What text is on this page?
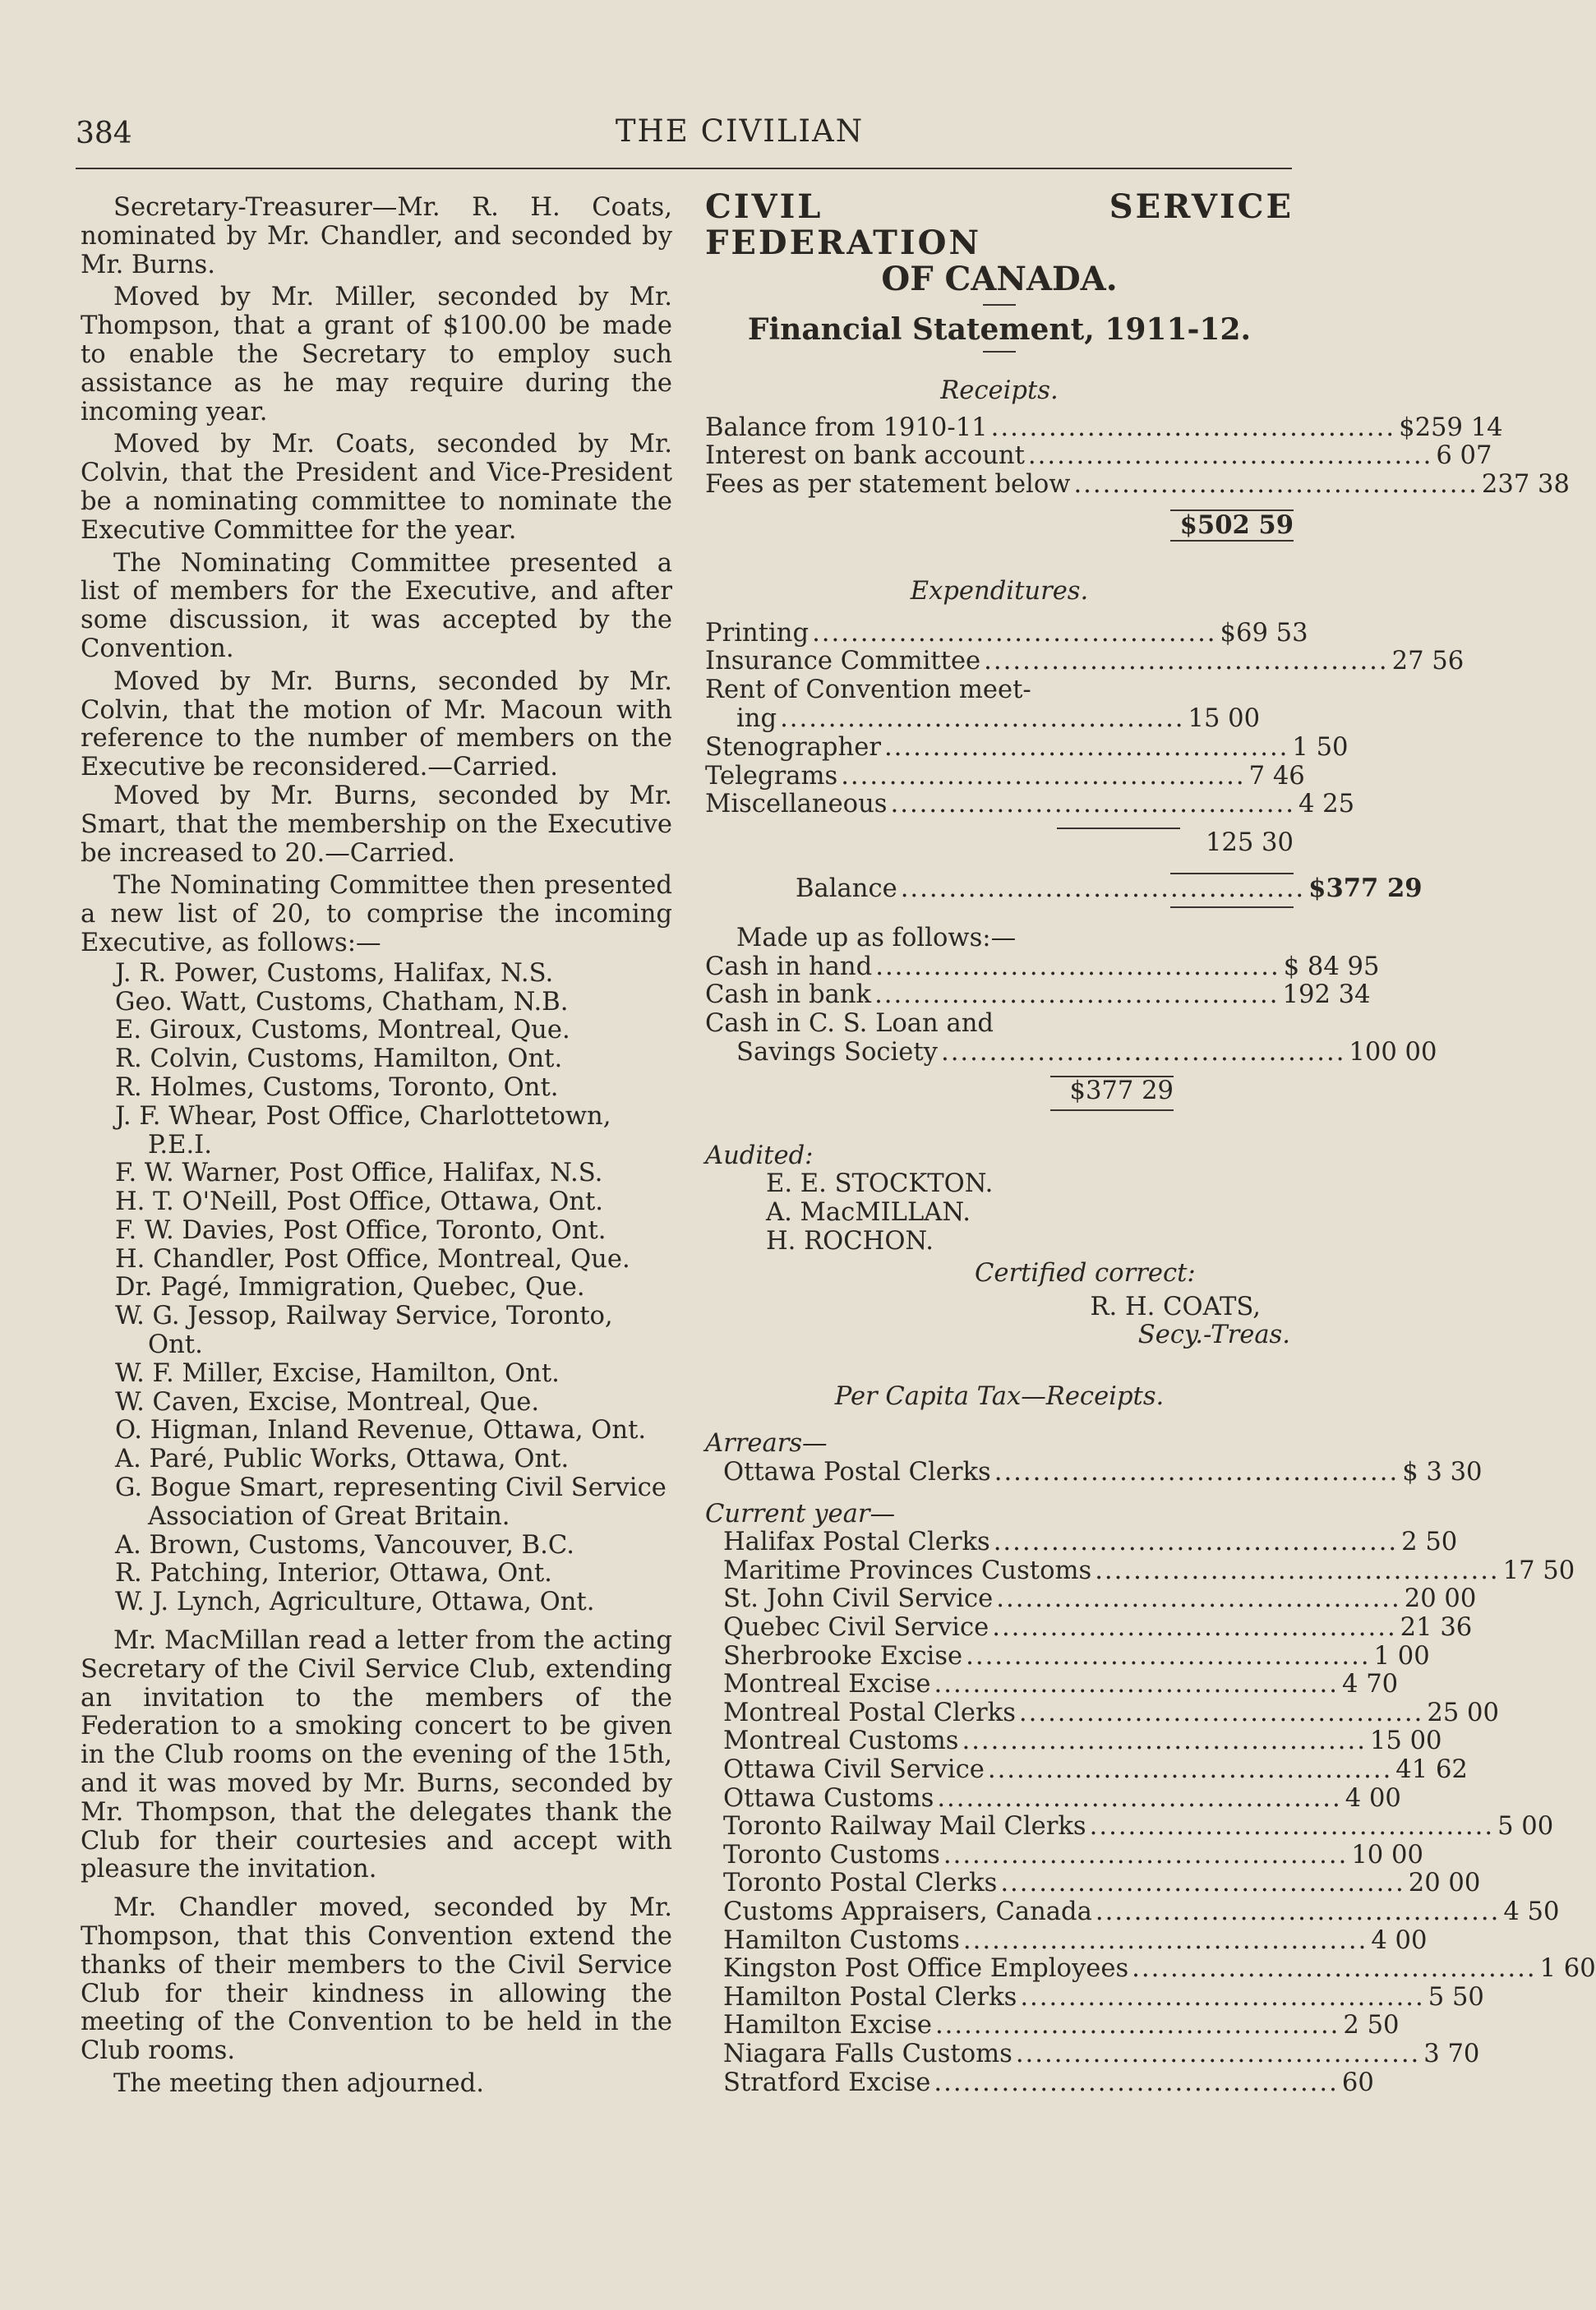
384	THE CIVILIAN

Secretary-Treasurer—Mr. R. H. Coats, nominated by Mr. Chandler, and seconded by Mr. Burns.

Moved by Mr. Miller, seconded by Mr. Thompson, that a grant of $100.00 be made to enable the Secretary to employ such assistance as he may require during the incoming year.

Moved by Mr. Coats, seconded by Mr. Colvin, that the President and Vice-President be a nominating committee to nominate the Executive Committee for the year.

The Nominating Committee presented a list of members for the Executive, and after some discussion, it was accepted by the Convention.

Moved by Mr. Burns, seconded by Mr. Colvin, that the motion of Mr. Macoun with reference to the number of members on the Executive be reconsidered.—Carried.

Moved by Mr. Burns, seconded by Mr. Smart, that the membership on the Executive be increased to 20.—Carried.

The Nominating Committee then presented a new list of 20, to comprise the incoming Executive, as follows:—

J. R. Power, Customs, Halifax, N.S.
Geo. Watt, Customs, Chatham, N.B.
E. Giroux, Customs, Montreal, Que.
R. Colvin, Customs, Hamilton, Ont.
R. Holmes, Customs, Toronto, Ont.
J. F. Whear, Post Office, Charlottetown, P.E.I.
F. W. Warner, Post Office, Halifax, N.S.
H. T. O'Neill, Post Office, Ottawa, Ont.
F. W. Davies, Post Office, Toronto, Ont.
H. Chandler, Post Office, Montreal, Que.
Dr. Pagé, Immigration, Quebec, Que.
W. G. Jessop, Railway Service, Toronto, Ont.
W. F. Miller, Excise, Hamilton, Ont.
W. Caven, Excise, Montreal, Que.
O. Higman, Inland Revenue, Ottawa, Ont.
A. Paré, Public Works, Ottawa, Ont.
G. Bogue Smart, representing Civil Service Association of Great Britain.
A. Brown, Customs, Vancouver, B.C.
R. Patching, Interior, Ottawa, Ont.
W. J. Lynch, Agriculture, Ottawa, Ont.

Mr. MacMillan read a letter from the acting Secretary of the Civil Service Club, extending an invitation to the members of the Federation to a smoking concert to be given in the Club rooms on the evening of the 15th, and it was moved by Mr. Burns, seconded by Mr. Thompson, that the delegates thank the Club for their courtesies and accept with pleasure the invitation.

Mr. Chandler moved, seconded by Mr. Thompson, that this Convention extend the thanks of their members to the Civil Service Club for their kindness in allowing the meeting of the Convention to be held in the Club rooms.

The meeting then adjourned.

CIVIL SERVICE FEDERATION
OF CANADA.
Financial Statement, 1911-12.
Receipts.
Balance from 1910-11 .......................................... $259 14
Interest on bank account .......................................... 6 07
Fees as per statement below .......................................... 237 38
$502 59
Expenditures.
Printing .......................................... $69 53
Insurance Committee .......................................... 27 56
Rent of Convention meet-
ing .......................................... 15 00
Stenographer .......................................... 1 50
Telegrams .......................................... 7 46
Miscellaneous .......................................... 4 25
125 30
Balance .......................................... $377 29
Made up as follows:—
Cash in hand .......................................... $ 84 95
Cash in bank .......................................... 192 34
Cash in C. S. Loan and
Savings Society .......................................... 100 00
$377 29
Audited:
E. E. STOCKTON.
A. MacMILLAN.
H. ROCHON.
Certified correct:
R. H. COATS,
Secy.-Treas.
Per Capita Tax—Receipts.
Arrears—
Ottawa Postal Clerks .......................................... $ 3 30
Current year—
Halifax Postal Clerks .......................................... 2 50
Maritime Provinces Customs .......................................... 17 50
St. John Civil Service .......................................... 20 00
Quebec Civil Service .......................................... 21 36
Sherbrooke Excise .......................................... 1 00
Montreal Excise .......................................... 4 70
Montreal Postal Clerks .......................................... 25 00
Montreal Customs .......................................... 15 00
Ottawa Civil Service .......................................... 41 62
Ottawa Customs .......................................... 4 00
Toronto Railway Mail Clerks .......................................... 5 00
Toronto Customs .......................................... 10 00
Toronto Postal Clerks .......................................... 20 00
Customs Appraisers, Canada .......................................... 4 50
Hamilton Customs .......................................... 4 00
Kingston Post Office Employees .......................................... 1 60
Hamilton Postal Clerks .......................................... 5 50
Hamilton Excise .......................................... 2 50
Niagara Falls Customs .......................................... 3 70
Stratford Excise .......................................... 60
